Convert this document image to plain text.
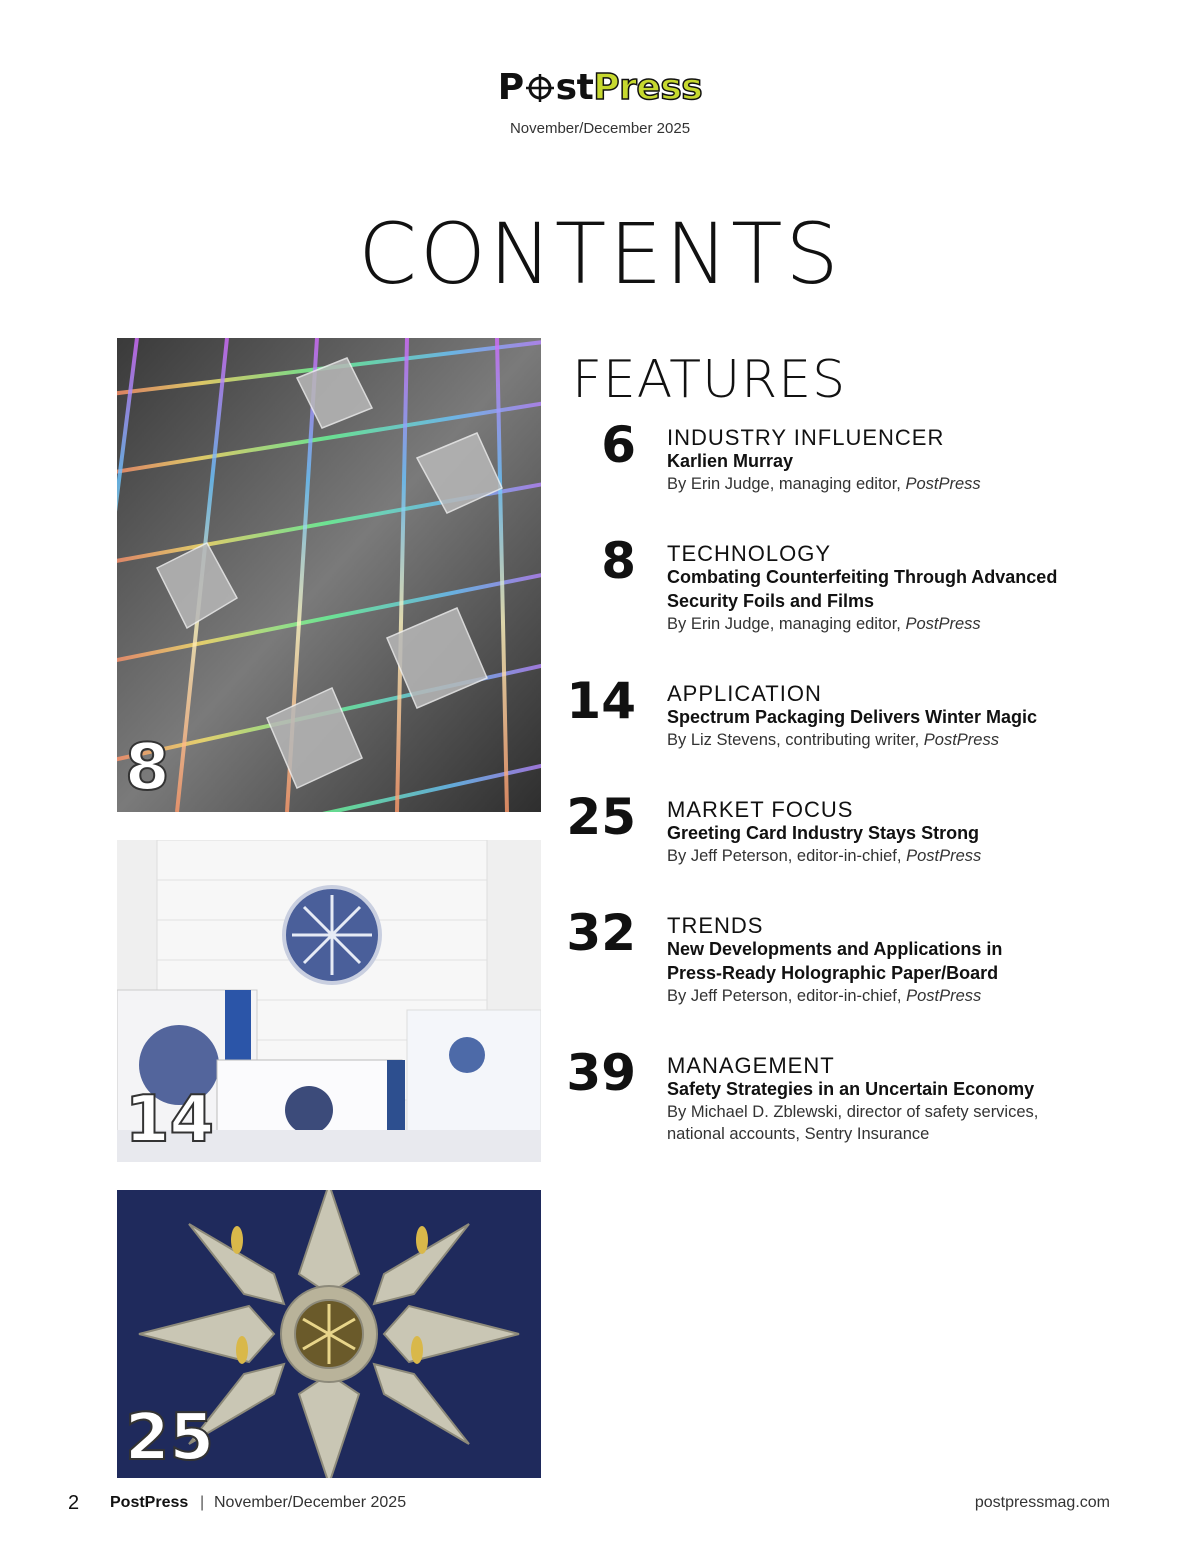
P st Press
November/December 2025
CONTENTS
8
14
25
FEATURES
6 INDUSTRY INFLUENCER
Karlien Murray
By Erin Judge, managing editor, PostPress
8 TECHNOLOGY
Combating Counterfeiting Through Advanced
Security Foils and Films
By Erin Judge, managing editor, PostPress
14 APPLICATION
Spectrum Packaging Delivers Winter Magic
By Liz Stevens, contributing writer, PostPress
25 MARKET FOCUS
Greeting Card Industry Stays Strong
By Jeff Peterson, editor-in-chief, PostPress
32 TRENDS
New Developments and Applications in
Press-Ready Holographic Paper/Board
By Jeff Peterson, editor-in-chief, PostPress
39 MANAGEMENT
Safety Strategies in an Uncertain Economy
By Michael D. Zblewski, director of safety services,
national accounts, Sentry Insurance
2 PostPress | November/December 2025	postpressmag.com
